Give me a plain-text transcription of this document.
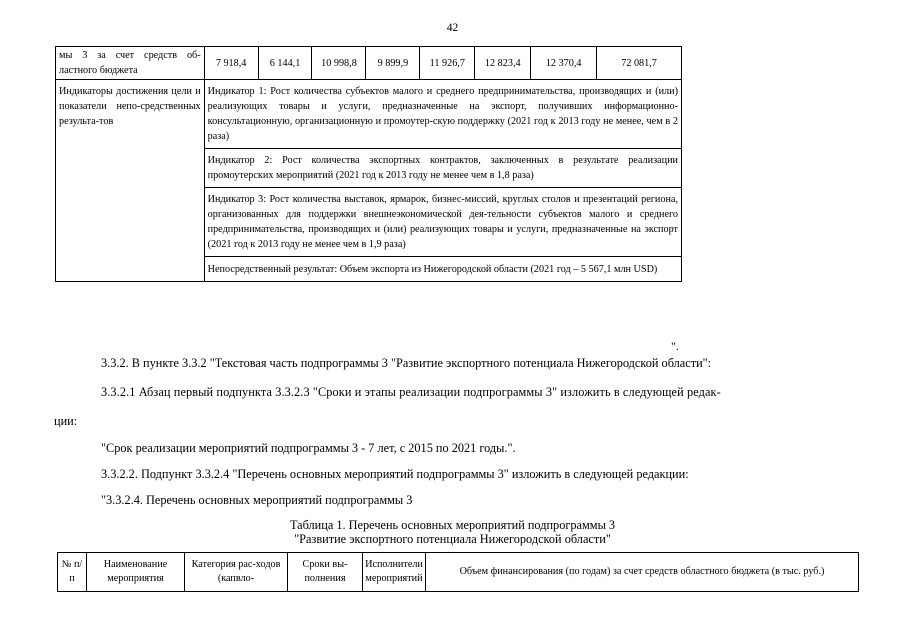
42
мы 3 за счет средств об-ластного бюджета	7 918,4	6 144,1	10 998,8	9 899,9	11 926,7	12 823,4	12 370,4	72 081,7
Индикаторы достижения цели и показатели непо-средственных результа-тов	Индикатор 1: Рост количества субъектов малого и среднего предпринимательства, производящих и (или) реализующих товары и услуги, предназначенные на экспорт, получивших информационно-консультационную, организационную и промоутер-скую поддержку (2021 год к 2013 году не менее, чем в 2 раза)							
	Индикатор 2: Рост количества экспортных контрактов, заключенных в результате реализации промоутерских мероприятий (2021 год к 2013 году не менее чем в 1,8 раза)							
	Индикатор 3: Рост количества выставок, ярмарок, бизнес-миссий, круглых столов и презентаций региона, организованных для поддержки внешнеэкономической дея-тельности субъектов малого и среднего предпринимательства, производящих и (или) реализующих товары и услуги, предназначенные на экспорт (2021 год к 2013 году не менее чем в 1,9 раза)							
	Непосредственный результат: Объем экспорта из Нижегородской области (2021 год – 5 567,1 млн USD)							
".
3.3.2. В пункте 3.3.2 "Текстовая часть подпрограммы 3 "Развитие экспортного потенциала Нижегородской области":
3.3.2.1 Абзац первый подпункта 3.3.2.3 "Сроки и этапы реализации подпрограммы 3" изложить в следующей редак-
ции:
"Срок реализации мероприятий подпрограммы 3 - 7 лет, с 2015 по 2021 годы.".
3.3.2.2. Подпункт 3.3.2.4 "Перечень основных мероприятий подпрограммы 3" изложить в следующей редакции:
"3.3.2.4. Перечень основных мероприятий подпрограммы 3
Таблица 1. Перечень основных мероприятий подпрограммы 3
"Развитие экспортного потенциала Нижегородской области"
№ п/п	Наименование мероприятия	Категория рас-ходов (капвло-	Сроки вы-полнения	Исполнители мероприятий	Объем финансирования (по годам) за счет средств областного бюджета (в тыс. руб.)
